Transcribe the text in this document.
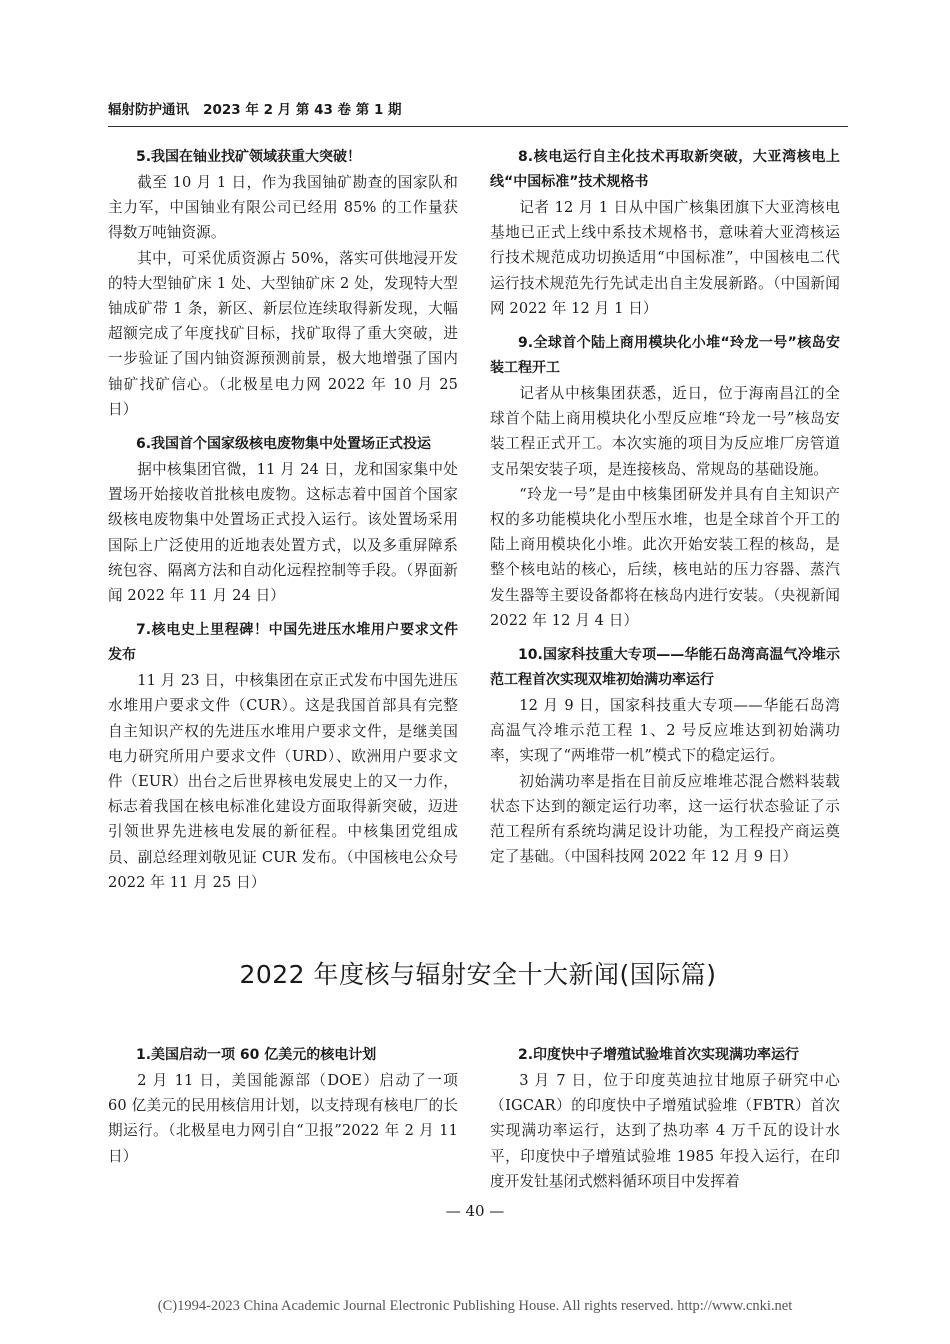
辐射防护通讯 2023 年 2 月 第 43 卷 第 1 期

5.我国在铀业找矿领域获重大突破！

截至 10 月 1 日，作为我国铀矿勘查的国家队和主力军，中国铀业有限公司已经用 85% 的工作量获得数万吨铀资源。

其中，可采优质资源占 50%，落实可供地浸开发的特大型铀矿床 1 处、大型铀矿床 2 处，发现特大型铀成矿带 1 条，新区、新层位连续取得新发现，大幅超额完成了年度找矿目标，找矿取得了重大突破，进一步验证了国内铀资源预测前景，极大地增强了国内铀矿找矿信心。（北极星电力网 2022 年 10 月 25 日）

6.我国首个国家级核电废物集中处置场正式投运

据中核集团官微，11 月 24 日，龙和国家集中处置场开始接收首批核电废物。这标志着中国首个国家级核电废物集中处置场正式投入运行。该处置场采用国际上广泛使用的近地表处置方式，以及多重屏障系统包容、隔离方法和自动化远程控制等手段。（界面新闻 2022 年 11 月 24 日）

7.核电史上里程碑！中国先进压水堆用户要求文件发布

11 月 23 日，中核集团在京正式发布中国先进压水堆用户要求文件（CUR）。这是我国首部具有完整自主知识产权的先进压水堆用户要求文件，是继美国电力研究所用户要求文件（URD）、欧洲用户要求文件（EUR）出台之后世界核电发展史上的又一力作，标志着我国在核电标准化建设方面取得新突破，迈进引领世界先进核电发展的新征程。中核集团党组成员、副总经理刘敬见证 CUR 发布。（中国核电公众号 2022 年 11 月 25 日）

8.核电运行自主化技术再取新突破，大亚湾核电上线“中国标准”技术规格书

记者 12 月 1 日从中国广核集团旗下大亚湾核电基地已正式上线中系技术规格书，意味着大亚湾核运行技术规范成功切换适用“中国标准”，中国核电二代运行技术规范先行先试走出自主发展新路。（中国新闻网 2022 年 12 月 1 日）

9.全球首个陆上商用模块化小堆“玲龙一号”核岛安装工程开工

记者从中核集团获悉，近日，位于海南昌江的全球首个陆上商用模块化小型反应堆“玲龙一号”核岛安装工程正式开工。本次实施的项目为反应堆厂房管道支吊架安装子项，是连接核岛、常规岛的基础设施。

“玲龙一号”是由中核集团研发并具有自主知识产权的多功能模块化小型压水堆，也是全球首个开工的陆上商用模块化小堆。此次开始安装工程的核岛，是整个核电站的核心，后续，核电站的压力容器、蒸汽发生器等主要设备都将在核岛内进行安装。（央视新闻 2022 年 12 月 4 日）

10.国家科技重大专项——华能石岛湾高温气冷堆示范工程首次实现双堆初始满功率运行

12 月 9 日，国家科技重大专项——华能石岛湾高温气冷堆示范工程 1、2 号反应堆达到初始满功率，实现了“两堆带一机”模式下的稳定运行。

初始满功率是指在目前反应堆堆芯混合燃料装载状态下达到的额定运行功率，这一运行状态验证了示范工程所有系统均满足设计功能，为工程投产商运奠定了基础。（中国科技网 2022 年 12 月 9 日）

2022 年度核与辐射安全十大新闻(国际篇)

1.美国启动一项 60 亿美元的核电计划

2 月 11 日，美国能源部（DOE）启动了一项 60 亿美元的民用核信用计划，以支持现有核电厂的长期运行。（北极星电力网引自“卫报”2022 年 2 月 11 日）

2.印度快中子增殖试验堆首次实现满功率运行

3 月 7 日，位于印度英迪拉甘地原子研究中心（IGCAR）的印度快中子增殖试验堆（FBTR）首次实现满功率运行，达到了热功率 4 万千瓦的设计水平，印度快中子增殖试验堆 1985 年投入运行，在印度开发钍基闭式燃料循环项目中发挥着

— 40 —
(C)1994-2023 China Academic Journal Electronic Publishing House. All rights reserved. http://www.cnki.net
